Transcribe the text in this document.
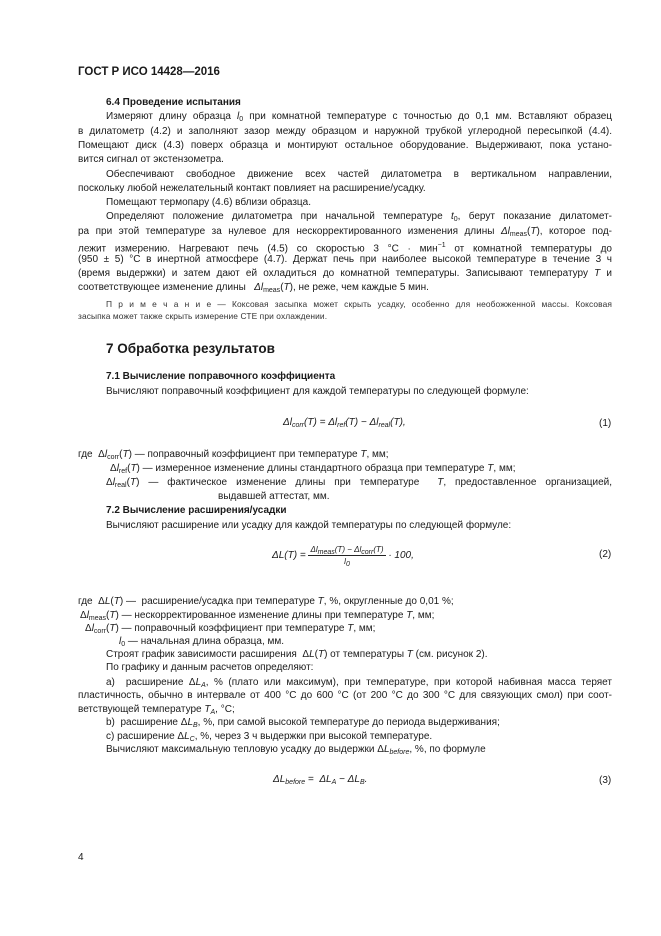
ГОСТ Р ИСО 14428—2016
6.4 Проведение испытания
Измеряют длину образца $l_0$ при комнатной температуре с точностью до 0,1 мм. Вставляют образец
в дилатометр (4.2) и заполняют зазор между образцом и наружной трубкой углеродной пересыпкой (4.4).
Помещают диск (4.3) поверх образца и монтируют остальное оборудование. Выдерживают, пока устано-
вится сигнал от экстензометра.
Обеспечивают свободное движение всех частей дилатометра в вертикальном направлении,
поскольку любой нежелательный контакт повлияет на расширение/усадку.
Помещают термопару (4.6) вблизи образца.
Определяют положение дилатометра при начальной температуре $t_0$, берут показание дилатомет-
ра при этой температуре за нулевое для нескорректированного изменения длины $\Delta l_{meas}(T)$, которое под-
лежит измерению. Нагревают печь (4.5) со скоростью 3 °С · мин$^{-1}$ от комнатной температуры до
(950 ± 5) °С в инертной атмосфере (4.7). Держат печь при наиболее высокой температуре в течение 3 ч
(время выдержки) и затем дают ей охладиться до комнатной температуры. Записывают температуру T и
соответствующее изменение длины   $\Delta l_{meas}(T)$, не реже, чем каждые 5 мин.
П р и м е ч а н и е — Коксовая засыпка может скрыть усадку, особенно для необожженной массы. Коксовая
засыпка может также скрыть измерение СТЕ при охлаждении.
7 Обработка результатов
7.1 Вычисление поправочного коэффициента
Вычисляют поправочный коэффициент для каждой температуры по следующей формуле:
$\Delta l_{corr}(T) = \Delta l_{ref}(T) - \Delta l_{real}(T)$,	(1)
где  $\Delta l_{corr}(T)$ — поправочный коэффициент при температуре T, мм;
$\Delta l_{ref}(T)$ — измеренное изменение длины стандартного образца при температуре T, мм;
$\Delta l_{real}(T)$ — фактическое изменение длины при температуре  T, предоставленное организацией,
выдавшей аттестат, мм.
7.2 Вычисление расширения/усадки
Вычисляют расширение или усадку для каждой температуры по следующей формуле:
$\Delta L(T) = \frac{\Delta l_{meas}(T) - \Delta l_{corr}(T)}{l_0} \cdot 100$,	(2)
где  ΔL(T) —  расширение/усадка при температуре T, %, округленные до 0,01 %;
$\Delta l_{meas}(T)$ — нескорректированное изменение длины при температуре T, мм;
$\Delta l_{corr}(T)$ — поправочный коэффициент при температуре T, мм;
$l_0$ — начальная длина образца, мм.
Строят график зависимости расширения  ΔL(T) от температуры T (см. рисунок 2).
По графику и данным расчетов определяют:
a)  расширение $\Delta L_A$, % (плато или максимум), при температуре, при которой набивная масса теряет
пластичность, обычно в интервале от 400 °С до 600 °С (от 200 °С до 300 °С для связующих смол) при соот-
ветствующей температуре $T_A$, °С;
b)  расширение $\Delta L_B$, %, при самой высокой температуре до периода выдерживания;
c) расширение $\Delta L_C$, %, через 3 ч выдержки при высокой температуре.
Вычисляют максимальную тепловую усадку до выдержки $\Delta L_{before}$, %, по формуле
$\Delta L_{before} = \Delta L_A - \Delta L_B$.	(3)
4
